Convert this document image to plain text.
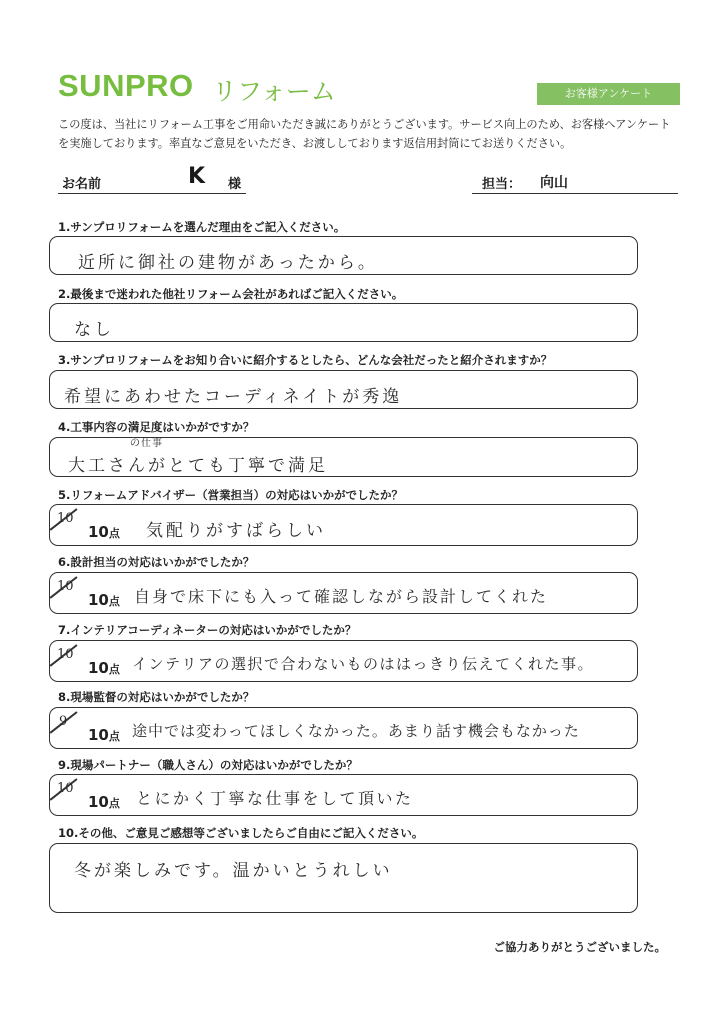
SUNPRO リフォーム	お客様アンケート
この度は、当社にリフォーム工事をご用命いただき誠にありがとうございます。サービス向上のため、お客様へアンケートを実施しております。率直なご意見をいただき、お渡ししております返信用封筒にてお送りください。
お名前	K 様	担当： 向山
1.サンプロリフォームを選んだ理由をご記入ください。
近所に御社の建物があったから。
2.最後まで迷われた他社リフォーム会社があればご記入ください。
なし
3.サンプロリフォームをお知り合いに紹介するとしたら、どんな会社だったと紹介されますか？
希望にあわせたコーディネイトが秀逸
4.工事内容の満足度はいかがですか？
の仕事
大工さんがとても丁寧で満足
5.リフォームアドバイザー（営業担当）の対応はいかがでしたか？
10
10点 気配りがすばらしい
6.設計担当の対応はいかがでしたか？
10
10点 自身で床下にも入って確認しながら設計してくれた
7.インテリアコーディネーターの対応はいかがでしたか？
10
10点 インテリアの選択で合わないものははっきり伝えてくれた事。
8.現場監督の対応はいかがでしたか？
9
10点 途中では変わってほしくなかった。あまり話す機会もなかった
9.現場パートナー（職人さん）の対応はいかがでしたか？
10
10点 とにかく丁寧な仕事をして頂いた
10.その他、ご意見ご感想等ございましたらご自由にご記入ください。
冬が楽しみです。温かいとうれしい
ご協力ありがとうございました。
